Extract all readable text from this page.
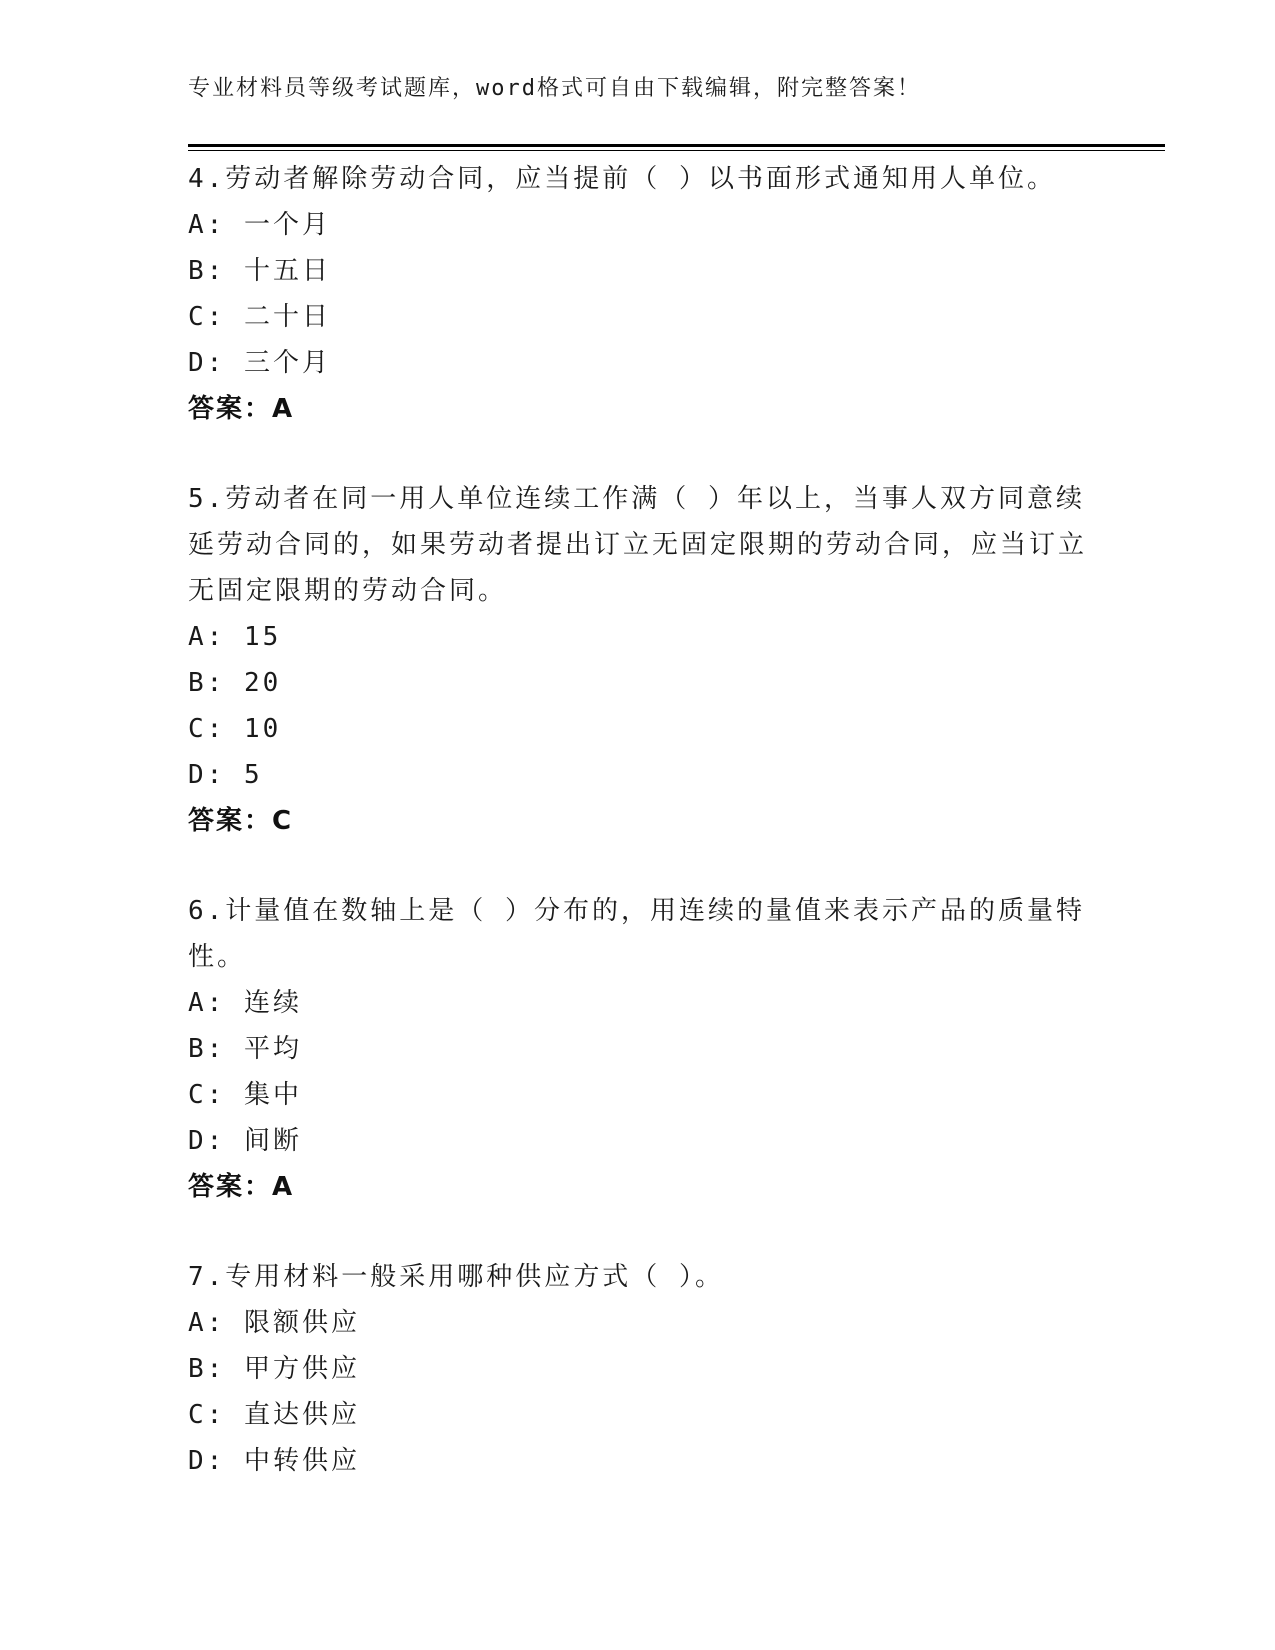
专业材料员等级考试题库，word格式可自由下载编辑，附完整答案！

4.劳动者解除劳动合同，应当提前（ ）以书面形式通知用人单位。

A: 一个月
B: 十五日
C: 二十日
D: 三个月
答案：A

5.劳动者在同一用人单位连续工作满（ ）年以上，当事人双方同意续延劳动合同的，如果劳动者提出订立无固定限期的劳动合同，应当订立无固定限期的劳动合同。

A: 15
B: 20
C: 10
D: 5
答案：C

6.计量值在数轴上是（ ）分布的，用连续的量值来表示产品的质量特性。

A: 连续
B: 平均
C: 集中
D: 间断
答案：A

7.专用材料一般采用哪种供应方式（ ）。

A: 限额供应
B: 甲方供应
C: 直达供应
D: 中转供应
